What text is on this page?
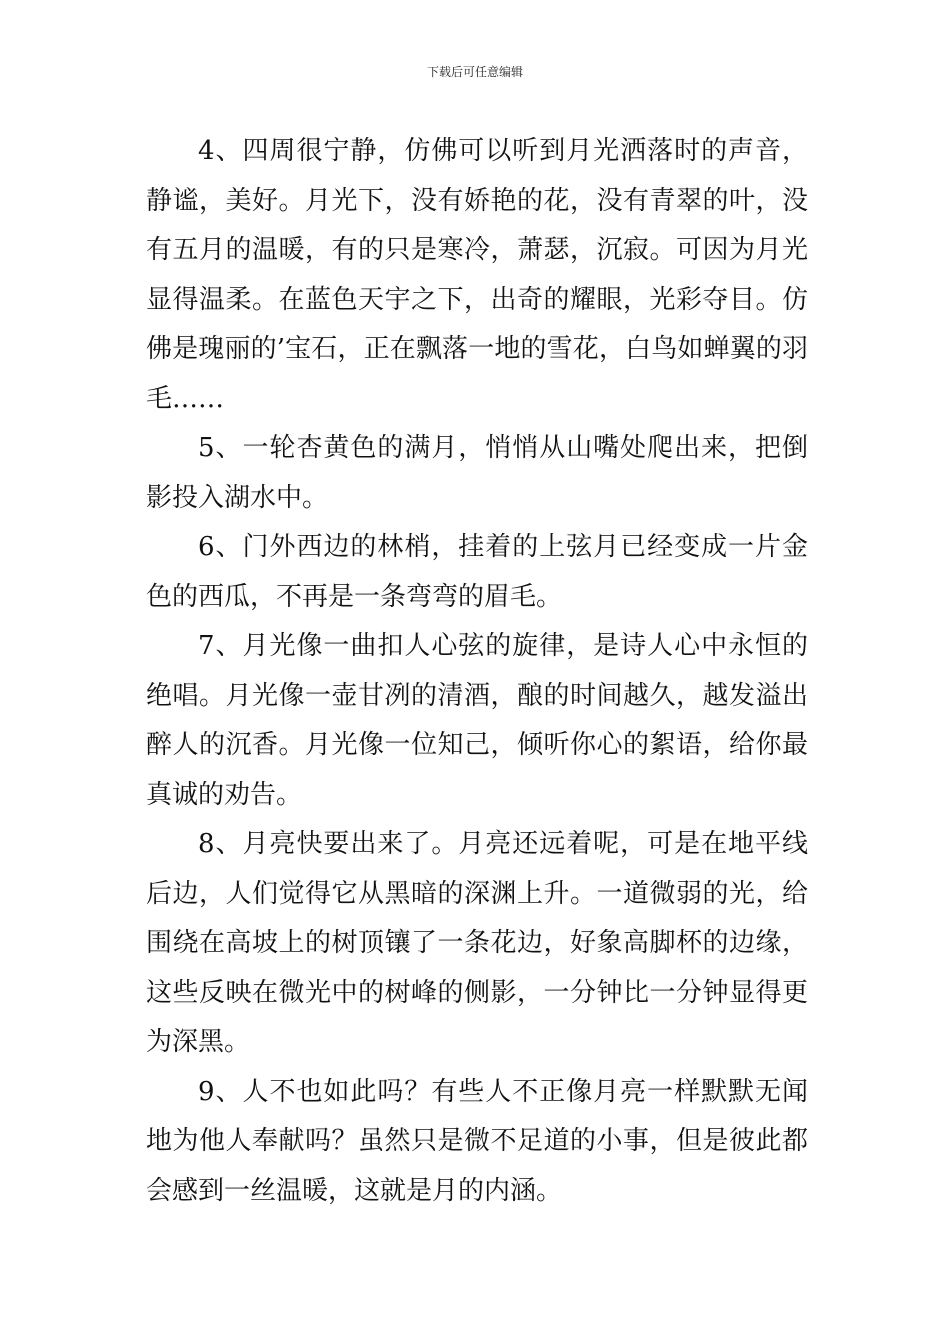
下载后可任意编辑

4、四周很宁静，仿佛可以听到月光洒落时的声音，静谧，美好。月光下，没有娇艳的花，没有青翠的叶，没有五月的温暖，有的只是寒冷，萧瑟，沉寂。可因为月光显得温柔。在蓝色天宇之下，出奇的耀眼，光彩夺目。仿佛是瑰丽的’宝石，正在飘落一地的雪花，白鸟如蝉翼的羽毛……

5、一轮杏黄色的满月，悄悄从山嘴处爬出来，把倒影投入湖水中。

6、门外西边的林梢，挂着的上弦月已经变成一片金色的西瓜，不再是一条弯弯的眉毛。

7、月光像一曲扣人心弦的旋律，是诗人心中永恒的绝唱。月光像一壶甘冽的清酒，酿的时间越久，越发溢出醉人的沉香。月光像一位知己，倾听你心的絮语，给你最真诚的劝告。

8、月亮快要出来了。月亮还远着呢，可是在地平线后边，人们觉得它从黑暗的深渊上升。一道微弱的光，给围绕在高坡上的树顶镶了一条花边，好象高脚杯的边缘，这些反映在微光中的树峰的侧影，一分钟比一分钟显得更为深黑。

9、人不也如此吗？有些人不正像月亮一样默默无闻地为他人奉献吗？虽然只是微不足道的小事，但是彼此都会感到一丝温暖，这就是月的内涵。
